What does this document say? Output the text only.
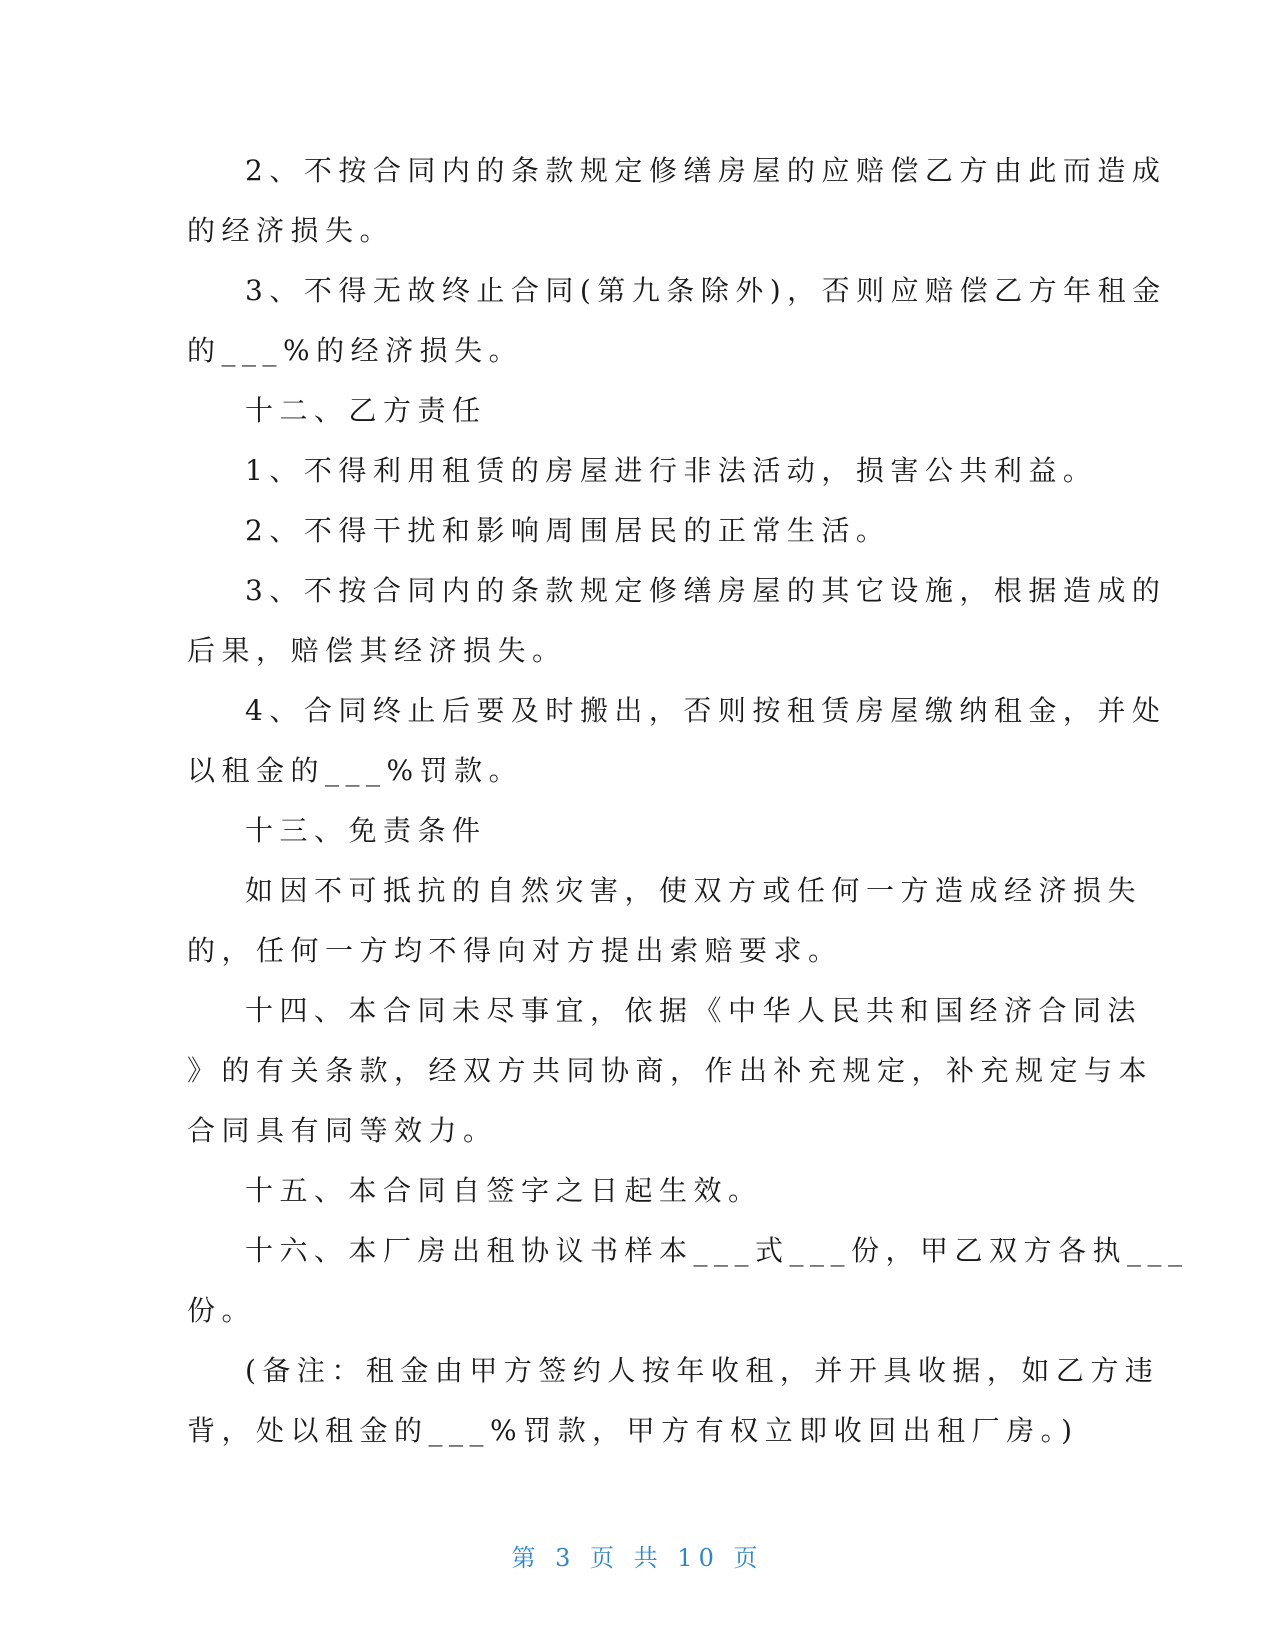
2、不按合同内的条款规定修缮房屋的应赔偿乙方由此而造成
的经济损失。
3、不得无故终止合同(第九条除外)，否则应赔偿乙方年租金
的___%的经济损失。
十二、乙方责任
1、不得利用租赁的房屋进行非法活动，损害公共利益。
2、不得干扰和影响周围居民的正常生活。
3、不按合同内的条款规定修缮房屋的其它设施，根据造成的
后果，赔偿其经济损失。
4、合同终止后要及时搬出，否则按租赁房屋缴纳租金，并处
以租金的___%罚款。
十三、免责条件
如因不可抵抗的自然灾害，使双方或任何一方造成经济损失
的，任何一方均不得向对方提出索赔要求。
十四、本合同未尽事宜，依据《中华人民共和国经济合同法
》的有关条款，经双方共同协商，作出补充规定，补充规定与本
合同具有同等效力。
十五、本合同自签字之日起生效。
十六、本厂房出租协议书样本___式___份，甲乙双方各执___
份。
(备注：租金由甲方签约人按年收租，并开具收据，如乙方违
背，处以租金的___%罚款，甲方有权立即收回出租厂房。)

第 3 页 共 10 页
